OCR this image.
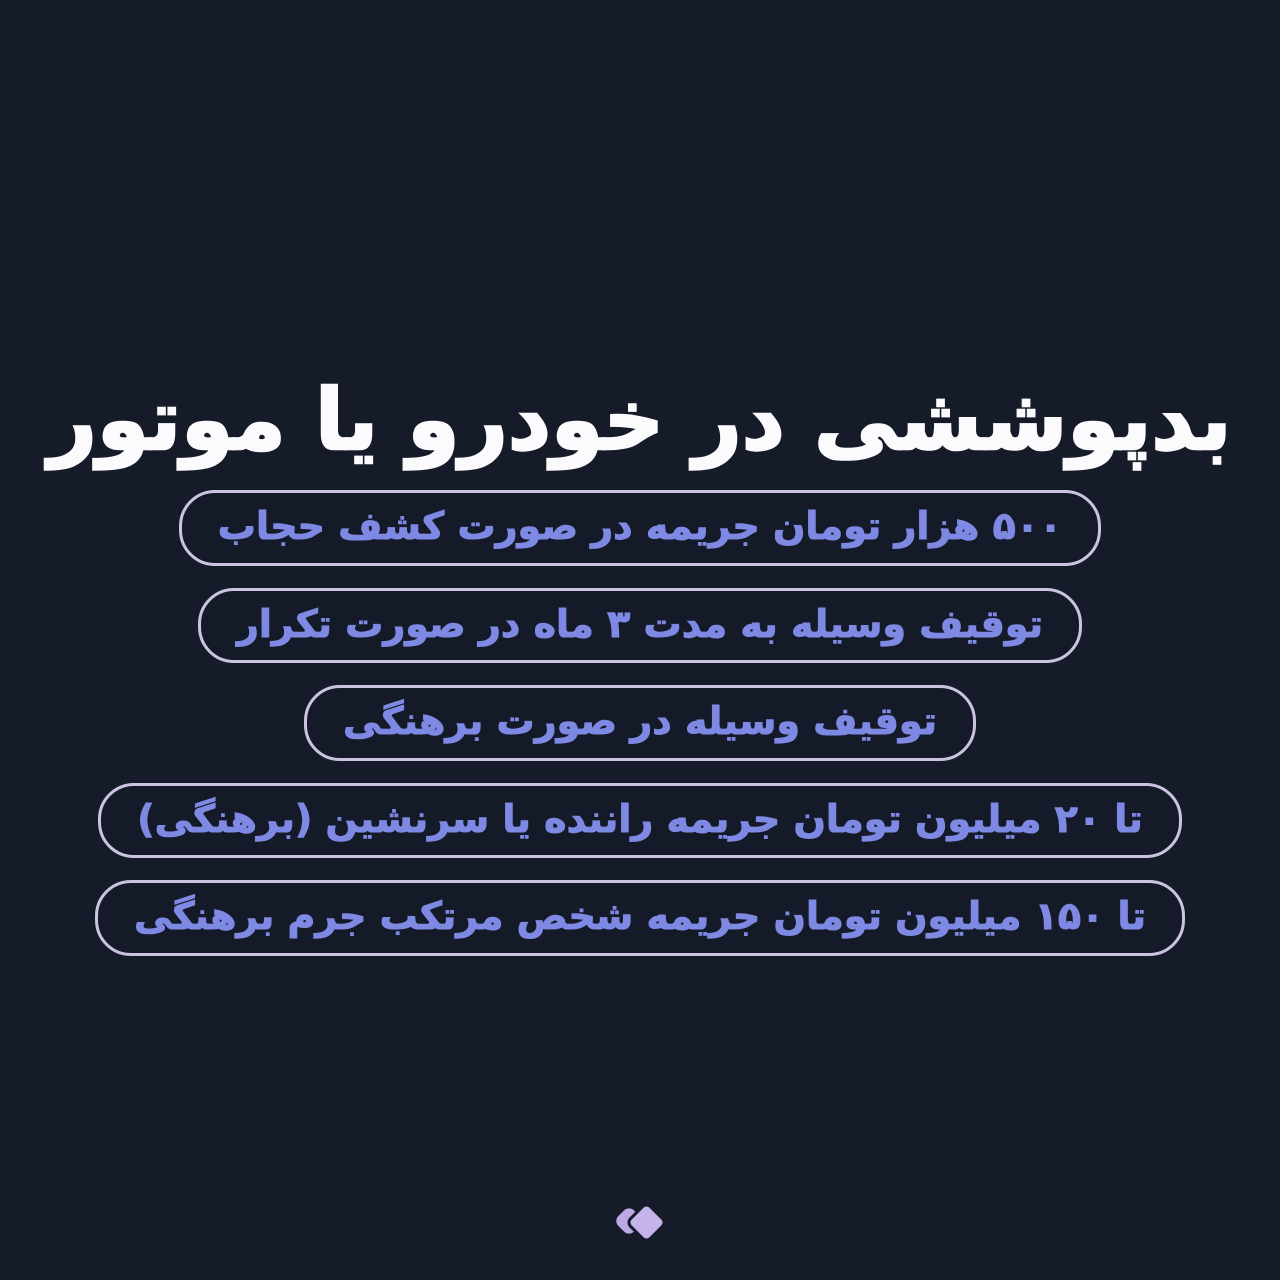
بدپوششی در خودرو یا موتور
۵۰۰ هزار تومان جریمه در صورت کشف حجاب
توقیف وسیله به مدت ۳ ماه در صورت تکرار
توقیف وسیله در صورت برهنگی
تا ۲۰ میلیون تومان جریمه راننده یا سرنشین (برهنگی)
تا ۱۵۰ میلیون تومان جریمه شخص مرتکب جرم برهنگی
